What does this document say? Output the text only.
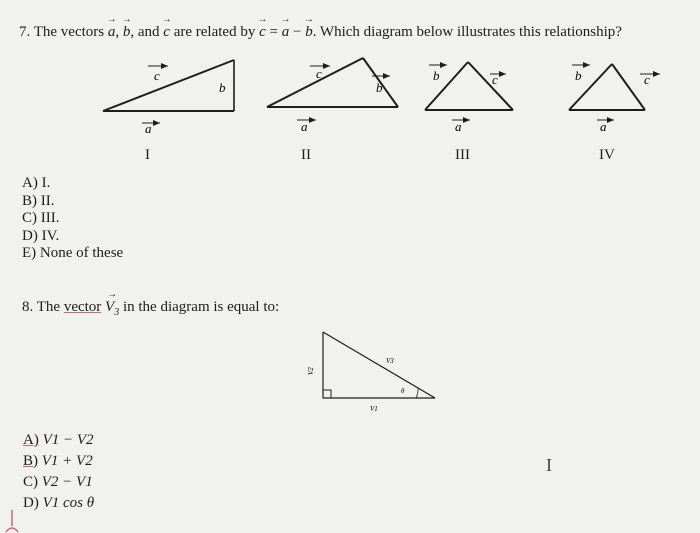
7. The vectors → a, → b, and → c are related by → c = → a − → b. Which diagram below illustrates this relationship?
c
b
a
c
b
a
b	c
a
b	c
a
I	II	III	IV
A) I.
B) II.
C) III.
D) IV.
E) None of these
8. The vector → $V_3$ in the diagram is equal to:
θ
V3
V1
V2
A) V1 − V2
B) V1 + V2
C) V2 − V1
D) V1 cos θ
I
